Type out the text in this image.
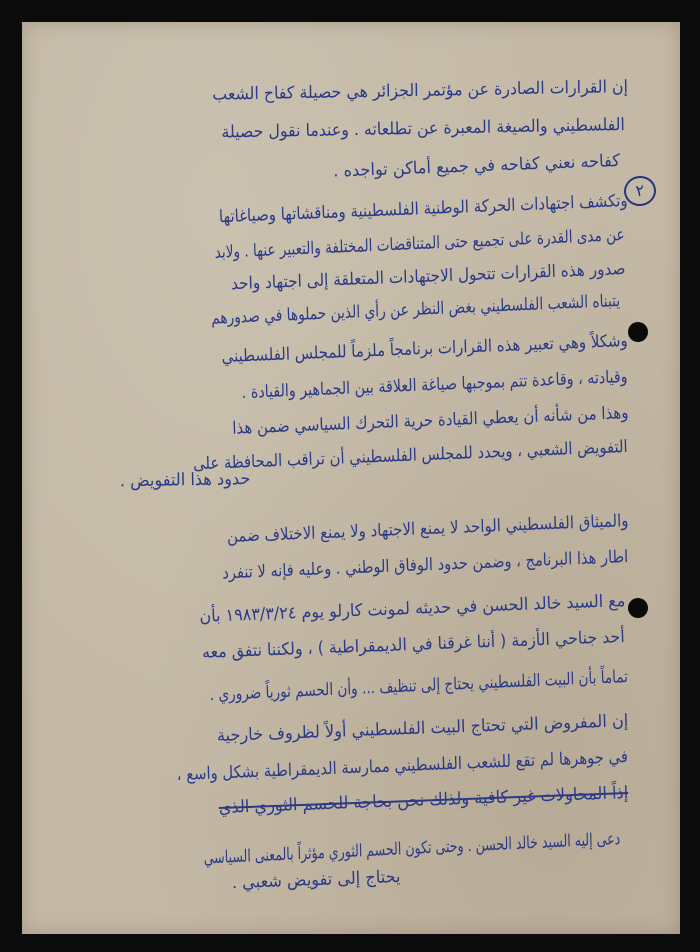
٢
إن القرارات الصادرة عن مؤتمر الجزائر هي حصيلة كفاح الشعب
الفلسطيني والصيغة المعبرة عن تطلعاته . وعندما نقول حصيلة
كفاحه نعني كفاحه في جميع أماكن تواجده .
وتكشف اجتهادات الحركة الوطنية الفلسطينية ومناقشاتها وصياغاتها
عن مدى القدرة على تجميع حتى المتناقضات المختلفة والتعبير عنها . ولابد
صدور هذه القرارات تتحول الاجتهادات المتعلقة إلى اجتهاد واحد
يتبناه الشعب الفلسطيني بغض النظر عن رأي الذين حملوها في صدورهم
وشكلاً وهي تعبير هذه القرارات برنامجاً ملزماً للمجلس الفلسطيني
وقيادته ، وقاعدة تتم بموجبها صياغة العلاقة بين الجماهير والقيادة .
وهذا من شأنه أن يعطي القيادة حرية التحرك السياسي ضمن هذا
التفويض الشعبي ، ويحدد للمجلس الفلسطيني أن تراقب المحافظة على
حدود هذا التفويض .
والميثاق الفلسطيني الواحد لا يمنع الاجتهاد ولا يمنع الاختلاف ضمن
اطار هذا البرنامج ، وضمن حدود الوفاق الوطني . وعليه فإنه لا تنفرد
مع السيد خالد الحسن في حديثه لمونت كارلو يوم ١٩٨٣/٣/٢٤ بأن
أحد جناحي الأزمة ( أننا غرقنا في الديمقراطية ) ، ولكننا نتفق معه
تماماً بأن البيت الفلسطيني يحتاج إلى تنظيف ... وأن الحسم ثورياً ضروري .
إن المفروض التي تحتاج البيت الفلسطيني أولاً لظروف خارجية
في جوهرها لم تقع للشعب الفلسطيني ممارسة الديمقراطية بشكل واسع ،
إذاً المحاولات غير كافية ولذلك نحن بحاجة للحسم الثوري الذي
دعى إليه السيد خالد الحسن . وحتى تكون الحسم الثوري مؤثراً بالمعنى السياسي
يحتاج إلى تفويض شعبي .
